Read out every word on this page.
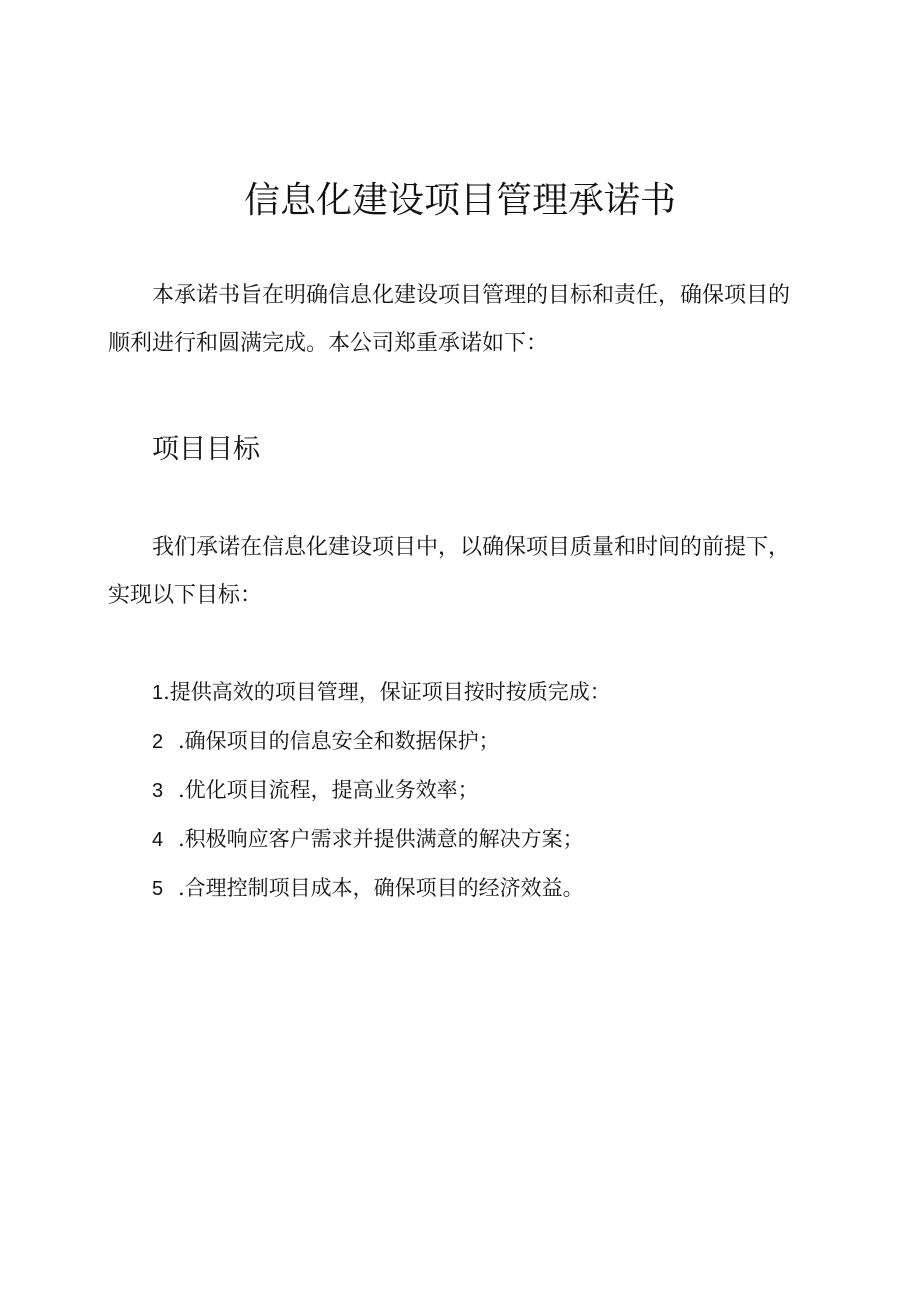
信息化建设项目管理承诺书

本承诺书旨在明确信息化建设项目管理的目标和责任，确保项目的顺利进行和圆满完成。本公司郑重承诺如下：

项目目标

我们承诺在信息化建设项目中，以确保项目质量和时间的前提下，实现以下目标：

1.提供高效的项目管理，保证项目按时按质完成：
2 .确保项目的信息安全和数据保护；
3 .优化项目流程，提高业务效率；
4 .积极响应客户需求并提供满意的解决方案；
5 .合理控制项目成本，确保项目的经济效益。
